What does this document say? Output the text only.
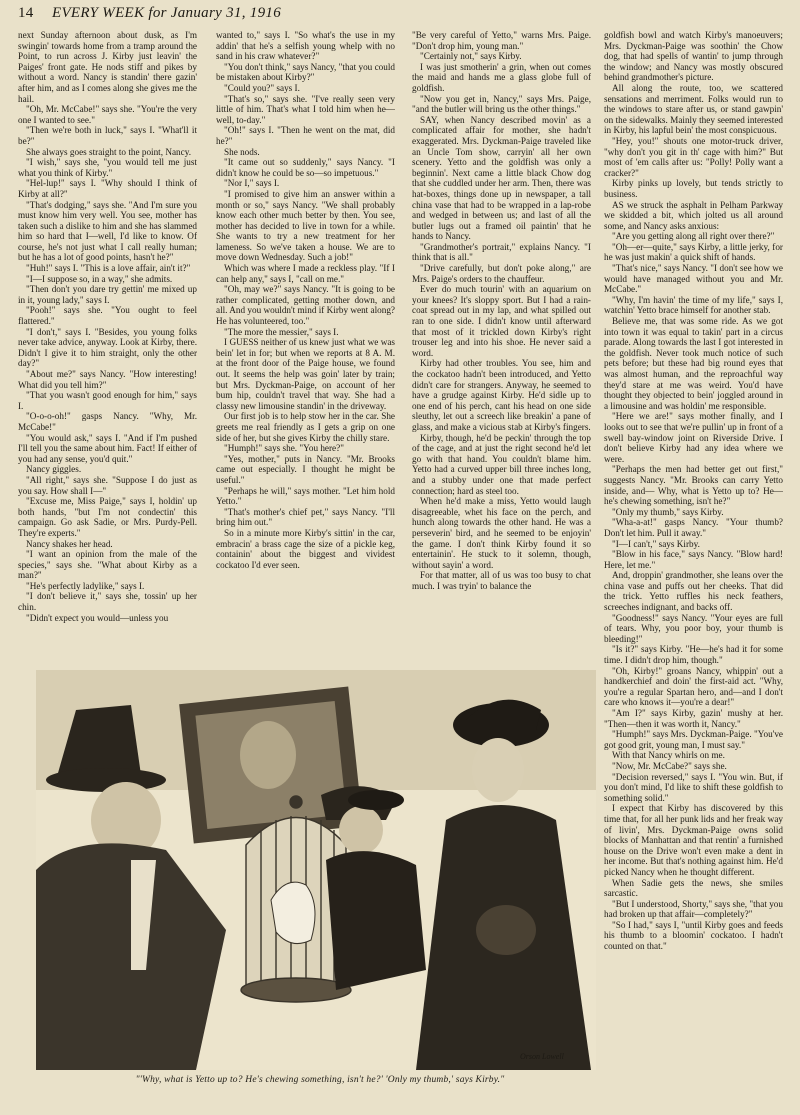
14 EVERY WEEK for January 31, 1916

next Sunday afternoon about dusk, as I'm swingin' towards home from a tramp around the Point, to run across J. Kirby just leavin' the Paiges' front gate. He nods stiff and pikes by without a word. Nancy is standin' there gazin' after him, and as I comes along she gives me the hail.

"Oh, Mr. McCabe!" says she. "You're the very one I wanted to see."

"Then we're both in luck," says I. "What'll it be?"

She always goes straight to the point, Nancy.

"I wish," says she, "you would tell me just what you think of Kirby."

"Hel-lup!" says I. "Why should I think of Kirby at all?"

"That's dodging," says she. "And I'm sure you must know him very well. You see, mother has taken such a dislike to him and she has slammed him so hard that I—well, I'd like to know. Of course, he's not just what I call really human; but he has a lot of good points, hasn't he?"

"Huh!" says I. "This is a love affair, ain't it?"

"I—I suppose so, in a way," she admits.

"Then don't you dare try gettin' me mixed up in it, young lady," says I.

"Pooh!" says she. "You ought to feel flattered."

"I don't," says I. "Besides, you young folks never take advice, anyway. Look at Kirby, there. Didn't I give it to him straight, only the other day?"

"About me?" says Nancy. "How interesting! What did you tell him?"

"That you wasn't good enough for him," says I.

"O-o-o-oh!" gasps Nancy. "Why, Mr. McCabe!"

"You would ask," says I. "And if I'm pushed I'll tell you the same about him. Fact! If either of you had any sense, you'd quit."

Nancy giggles.

"All right," says she. "Suppose I do just as you say. How shall I—"

"Excuse me, Miss Paige," says I, holdin' up both hands, "but I'm not condectin' this campaign. Go ask Sadie, or Mrs. Purdy-Pell. They're experts."

Nancy shakes her head.

"I want an opinion from the male of the species," says she. "What about Kirby as a man?"

"He's perfectly ladylike," says I.

"I don't believe it," says she, tossin' up her chin.

"Didn't expect you would—unless you

wanted to," says I. "So what's the use in my addin' that he's a selfish young whelp with no sand in his craw whatever?"

"You don't think," says Nancy, "that you could be mistaken about Kirby?"

"Could you?" says I.

"That's so," says she. "I've really seen very little of him. That's what I told him when he—well, to-day."

"Oh!" says I. "Then he went on the mat, did he?"

She nods.

"It came out so suddenly," says Nancy. "I didn't know he could be so—so impetuous."

"Nor I," says I.

"I promised to give him an answer within a month or so," says Nancy. "We shall probably know each other much better by then. You see, mother has decided to live in town for a while. She wants to try a new treatment for her lameness. So we've taken a house. We are to move down Wednesday. Such a job!"

Which was where I made a reckless play. "If I can help any," says I, "call on me."

"Oh, may we?" says Nancy. "It is going to be rather complicated, getting mother down, and all. And you wouldn't mind if Kirby went along? He has volunteered, too."

"The more the messier," says I.

I GUESS neither of us knew just what we was bein' let in for; but when we reports at 8 A. M. at the front door of the Paige house, we found out. It seems the help was goin' later by train; but Mrs. Dyckman-Paige, on account of her bum hip, couldn't travel that way. She had a classy new limousine standin' in the driveway.

Our first job is to help stow her in the car. She greets me real friendly as I gets a grip on one side of her, but she gives Kirby the chilly stare.

"Humph!" says she. "You here?"

"Yes, mother," puts in Nancy. "Mr. Brooks came out especially. I thought he might be useful."

"Perhaps he will," says mother. "Let him hold Yetto."

"That's mother's chief pet," says Nancy. "I'll bring him out."

So in a minute more Kirby's sittin' in the car, embracin' a brass cage the size of a pickle keg, containin' about the biggest and vividest cockatoo I'd ever seen.

"Be very careful of Yetto," warns Mrs. Paige. "Don't drop him, young man."

"Certainly not," says Kirby.

I was just smotherin' a grin, when out comes the maid and hands me a glass globe full of goldfish.

"Now you get in, Nancy," says Mrs. Paige, "and the butler will bring us the other things."

SAY, when Nancy described movin' as a complicated affair for mother, she hadn't exaggerated. Mrs. Dyckman-Paige traveled like an Uncle Tom show, carryin' all her own scenery. Yetto and the goldfish was only a beginnin'. Next came a little black Chow dog that she cuddled under her arm. Then, there was hat-boxes, things done up in newspaper, a tall china vase that had to be wrapped in a lap-robe and wedged in between us; and last of all the butler lugs out a framed oil paintin' that he hands to Nancy.

"Grandmother's portrait," explains Nancy. "I think that is all."

"Drive carefully, but don't poke along," are Mrs. Paige's orders to the chauffeur.

Ever do much tourin' with an aquarium on your knees? It's sloppy sport. But I had a rain-coat spread out in my lap, and what spilled out ran to one side. I didn't know until afterward that most of it trickled down Kirby's right trouser leg and into his shoe. He never said a word.

Kirby had other troubles. You see, him and the cockatoo hadn't been introduced, and Yetto didn't care for strangers. Anyway, he seemed to have a grudge against Kirby. He'd sidle up to one end of his perch, cant his head on one side sleuthy, let out a screech like breakin' a pane of glass, and make a vicious stab at Kirby's fingers.

Kirby, though, he'd be peckin' through the top of the cage, and at just the right second he'd let go with that hand. You couldn't blame him. Yetto had a curved upper bill three inches long, and a stubby under one that made perfect connection; hard as steel too.

When he'd make a miss, Yetto would laugh disagreeable, whet his face on the perch, and hunch along towards the other hand. He was a perseverin' bird, and he seemed to be enjoyin' the game. I don't think Kirby found it so entertainin'. He stuck to it solemn, though, without sayin' a word.

For that matter, all of us was too busy to chat much. I was tryin' to balance the

goldfish bowl and watch Kirby's manoeuvers; Mrs. Dyckman-Paige was soothin' the Chow dog, that had spells of wantin' to jump through the window; and Nancy was mostly obscured behind grandmother's picture.

All along the route, too, we scattered sensations and merriment. Folks would run to the windows to stare after us, or stand gawpin' on the sidewalks. Mainly they seemed interested in Kirby, his lapful bein' the most conspicuous.

"Hey, you!" shouts one motor-truck driver, "why don't you git in th' cage with him?" But most of 'em calls after us: "Polly! Polly want a cracker?"

Kirby pinks up lovely, but tends strictly to business.

AS we struck the asphalt in Pelham Parkway we skidded a bit, which jolted us all around some, and Nancy asks anxious:

"Are you getting along all right over there?"

"Oh—er—quite," says Kirby, a little jerky, for he was just makin' a quick shift of hands.

"That's nice," says Nancy. "I don't see how we would have managed without you and Mr. McCabe."

"Why, I'm havin' the time of my life," says I, watchin' Yetto brace himself for another stab.

Believe me, that was some ride. As we got into town it was equal to takin' part in a circus parade. Along towards the last I got interested in the goldfish. Never took much notice of such pets before; but these had big round eyes that was almost human, and the reproachful way they'd stare at me was weird. You'd have thought they objected to bein' joggled around in a limousine and was holdin' me responsible.

"Here we are!" says mother finally, and I looks out to see that we're pullin' up in front of a swell bay-window joint on Riverside Drive. I don't believe Kirby had any idea where we were.

"Perhaps the men had better get out first," suggests Nancy. "Mr. Brooks can carry Yetto inside, and— Why, what is Yetto up to? He—he's chewing something, isn't he?"

"Only my thumb," says Kirby.

"Wha-a-at!" gasps Nancy. "Your thumb? Don't let him. Pull it away."

"I—I can't," says Kirby.

"Blow in his face," says Nancy. "Blow hard! Here, let me."

And, droppin' grandmother, she leans over the china vase and puffs out her cheeks. That did the trick. Yetto ruffles his neck feathers, screeches indignant, and backs off.

"Goodness!" says Nancy. "Your eyes are full of tears. Why, you poor boy, your thumb is bleeding!"

"Is it?" says Kirby. "He—he's had it for some time. I didn't drop him, though."

"Oh, Kirby!" groans Nancy, whippin' out a handkerchief and doin' the first-aid act. "Why, you're a regular Spartan hero, and—and I don't care who knows it—you're a dear!"

"Am I?" says Kirby, gazin' mushy at her. "Then—then it was worth it, Nancy."

"Humph!" says Mrs. Dyckman-Paige. "You've got good grit, young man, I must say."

With that Nancy whirls on me.

"Now, Mr. McCabe?" says she.

"Decision reversed," says I. "You win. But, if you don't mind, I'd like to shift these goldfish to something solid."

I expect that Kirby has discovered by this time that, for all her punk lids and her freak way of livin', Mrs. Dyckman-Paige owns solid blocks of Manhattan and that rentin' a furnished house on the Drive won't even make a dent in her income. But that's nothing against him. He'd picked Nancy when he thought different.

When Sadie gets the news, she smiles sarcastic.

"But I understood, Shorty," says she, "that you had broken up that affair—completely?"

"So I had," says I, "until Kirby goes and feeds his thumb to a bloomin' cockatoo. I hadn't counted on that."

"'Why, what is Yetto up to? He's chewing something, isn't he?' 'Only my thumb,' says Kirby."
Orson Lowell
